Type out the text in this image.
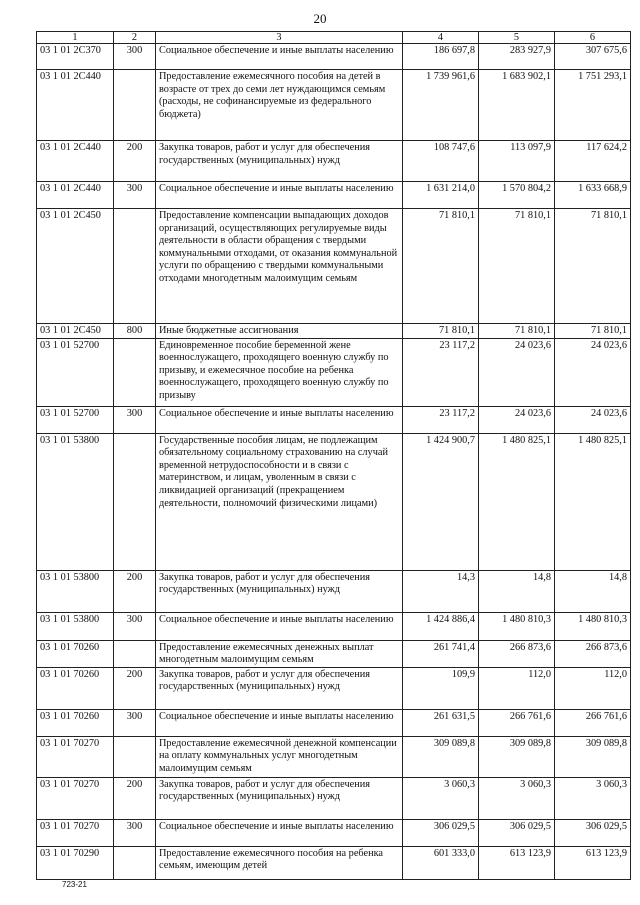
20
1	2	3	4	5	6
03 1 01 2С370	300	Социальное обеспечение и иные выплаты населению	186 697,8	283 927,9	307 675,6
03 1 01 2С440		Предоставление ежемесячного пособия на детей в возрасте от трех до семи лет нуждающимся семьям (расходы, не софинансируемые из федерального бюджета)	1 739 961,6	1 683 902,1	1 751 293,1
03 1 01 2С440	200	Закупка товаров, работ и услуг для обеспечения государственных (муниципальных) нужд	108 747,6	113 097,9	117 624,2
03 1 01 2С440	300	Социальное обеспечение и иные выплаты населению	1 631 214,0	1 570 804,2	1 633 668,9
03 1 01 2С450		Предоставление компенсации выпадающих доходов организаций, осуществляющих регулируемые виды деятельности в области обращения с твердыми коммунальными отходами, от оказания коммунальной услуги по обращению с твердыми коммунальными отходами многодетным малоимущим семьям	71 810,1	71 810,1	71 810,1
03 1 01 2С450	800	Иные бюджетные ассигнования	71 810,1	71 810,1	71 810,1
03 1 01 52700		Единовременное пособие беременной жене военнослужащего, проходящего военную службу по призыву, и ежемесячное пособие на ребенка военнослужащего, проходящего военную службу по призыву	23 117,2	24 023,6	24 023,6
03 1 01 52700	300	Социальное обеспечение и иные выплаты населению	23 117,2	24 023,6	24 023,6
03 1 01 53800		Государственные пособия лицам, не подлежащим обязательному социальному страхованию на случай временной нетрудоспособности и в связи с материнством, и лицам, уволенным в связи с ликвидацией организаций (прекращением деятельности, полномочий физическими лицами)	1 424 900,7	1 480 825,1	1 480 825,1
03 1 01 53800	200	Закупка товаров, работ и услуг для обеспечения государственных (муниципальных) нужд	14,3	14,8	14,8
03 1 01 53800	300	Социальное обеспечение и иные выплаты населению	1 424 886,4	1 480 810,3	1 480 810,3
03 1 01 70260		Предоставление ежемесячных денежных выплат многодетным малоимущим семьям	261 741,4	266 873,6	266 873,6
03 1 01 70260	200	Закупка товаров, работ и услуг для обеспечения государственных (муниципальных) нужд	109,9	112,0	112,0
03 1 01 70260	300	Социальное обеспечение и иные выплаты населению	261 631,5	266 761,6	266 761,6
03 1 01 70270		Предоставление ежемесячной денежной компенсации на оплату коммунальных услуг многодетным малоимущим семьям	309 089,8	309 089,8	309 089,8
03 1 01 70270	200	Закупка товаров, работ и услуг для обеспечения государственных (муниципальных) нужд	3 060,3	3 060,3	3 060,3
03 1 01 70270	300	Социальное обеспечение и иные выплаты населению	306 029,5	306 029,5	306 029,5
03 1 01 70290		Предоставление ежемесячного пособия на ребенка семьям, имеющим детей	601 333,0	613 123,9	613 123,9
723-21
